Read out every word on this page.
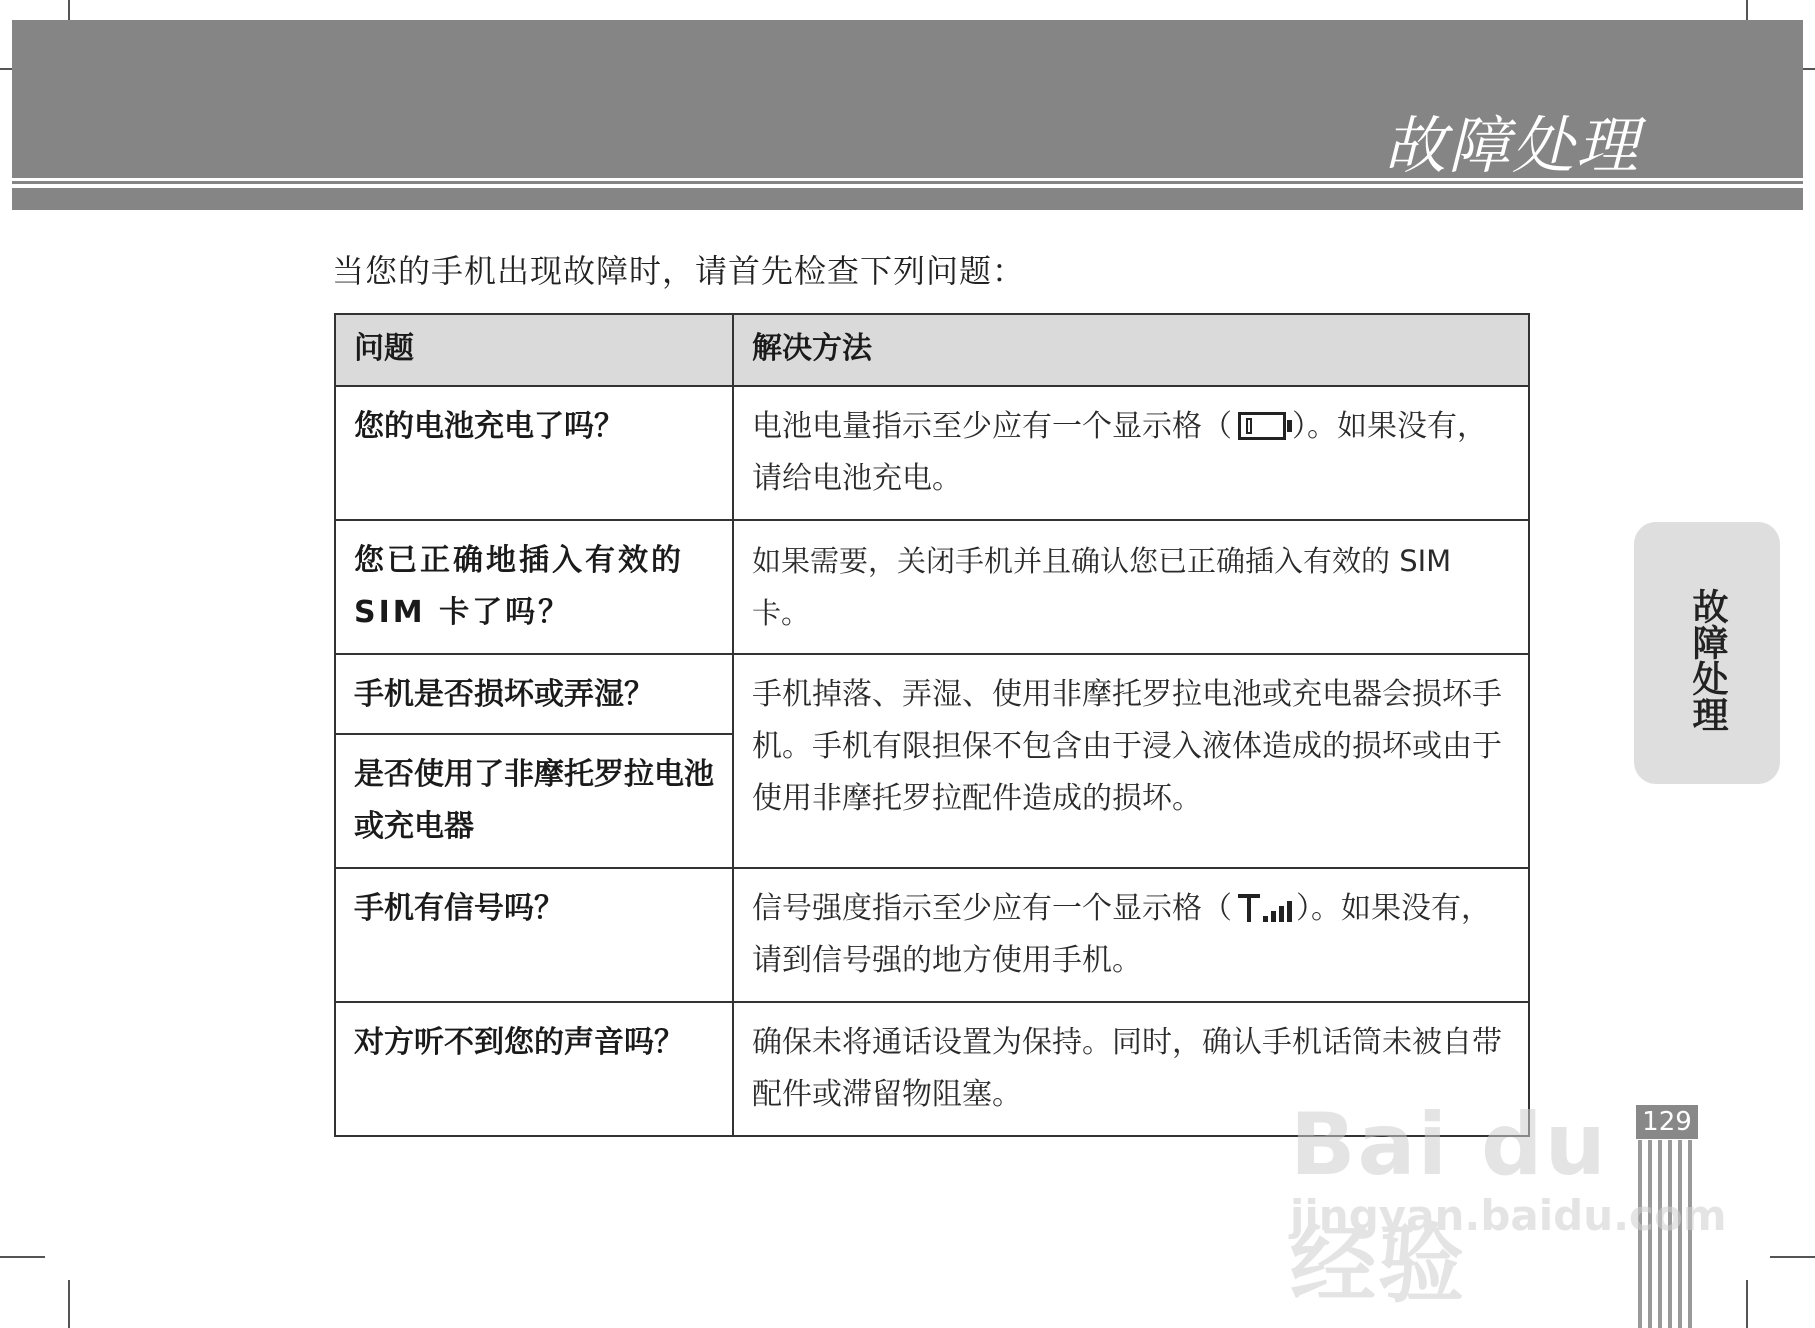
故障处理
当您的手机出现故障时，请首先检查下列问题：
问题	解决方法
您的电池充电了吗？	电池电量指示至少应有一个显示格（ ）。如果没有，请给电池充电。
您已正确地插入有效的 SIM 卡了吗？	如果需要，关闭手机并且确认您已正确插入有效的 SIM 卡。
手机是否损坏或弄湿？	手机掉落、弄湿、使用非摩托罗拉电池或充电器会损坏手机。手机有限担保不包含由于浸入液体造成的损坏或由于使用非摩托罗拉配件造成的损坏。
是否使用了非摩托罗拉电池或充电器	
手机有信号吗？	信号强度指示至少应有一个显示格（ ）。如果没有，请到信号强的地方使用手机。
对方听不到您的声音吗？	确保未将通话设置为保持。同时，确认手机话筒未被自带配件或滞留物阻塞。
故障处理
129
Bai du 经验
jingyan.baidu.com
